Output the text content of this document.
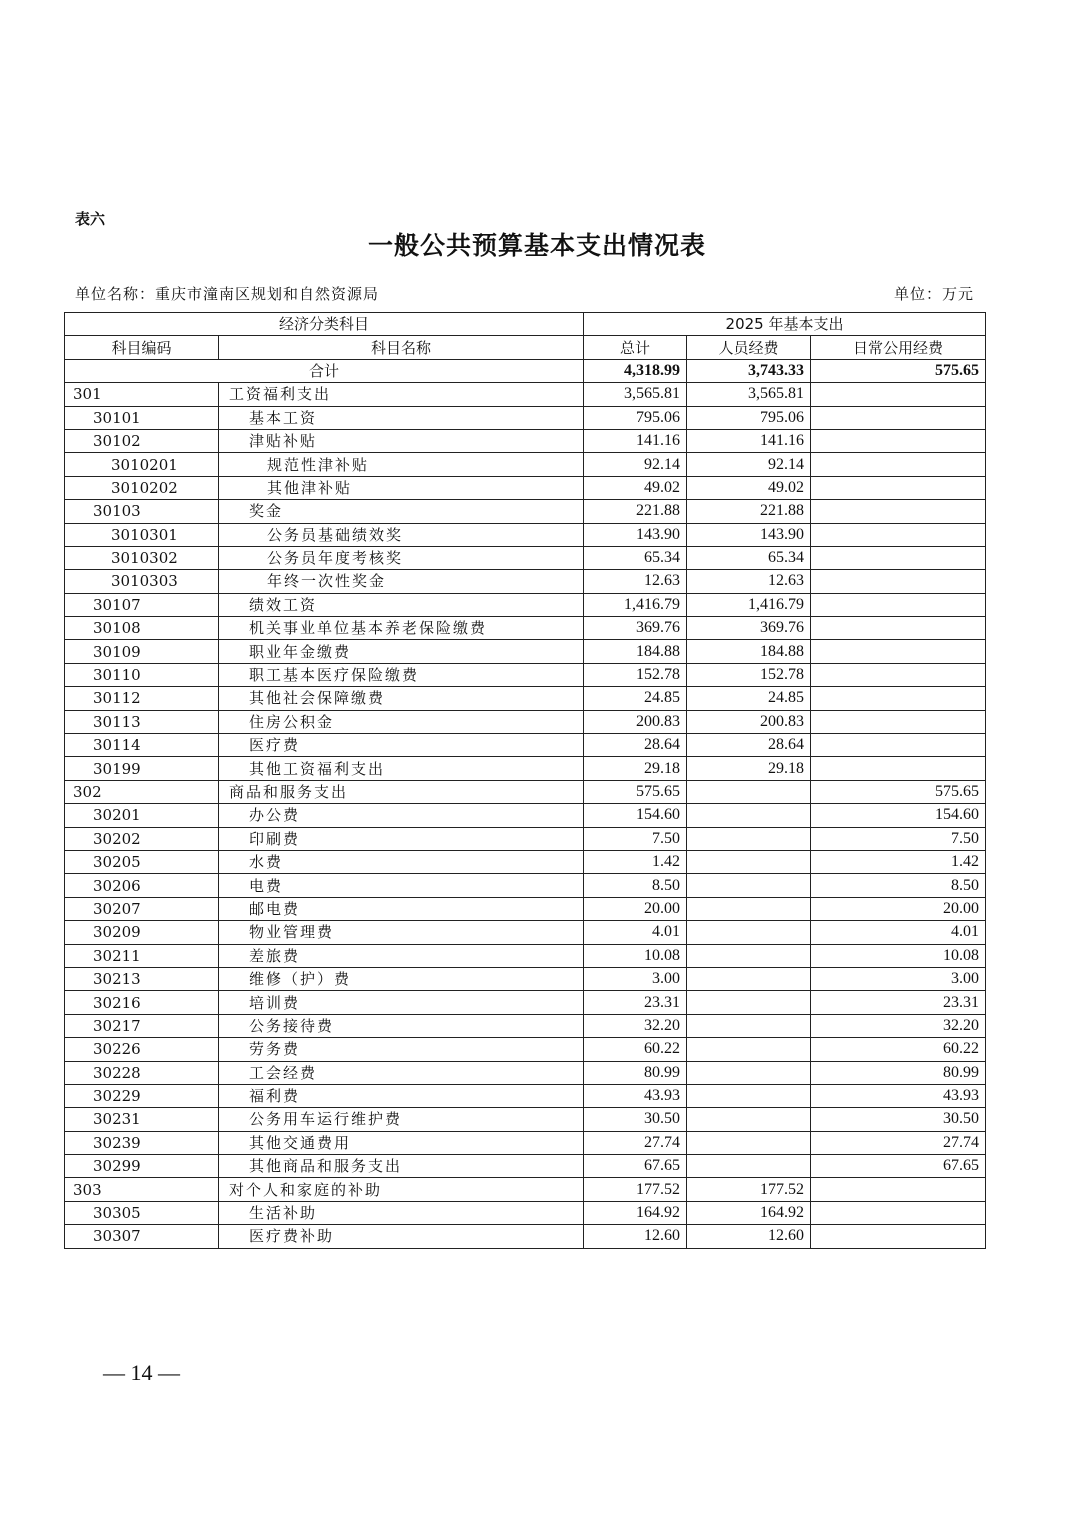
表六
一般公共预算基本支出情况表
单位名称：重庆市潼南区规划和自然资源局	单位：万元
经济分类科目		2025 年基本支出		
科目编码	科目名称	总计	人员经费	日常公用经费
合计		4,318.99	3,743.33	575.65
301	工资福利支出	3,565.81	3,565.81	
30101	基本工资	795.06	795.06	
30102	津贴补贴	141.16	141.16	
3010201	规范性津补贴	92.14	92.14	
3010202	其他津补贴	49.02	49.02	
30103	奖金	221.88	221.88	
3010301	公务员基础绩效奖	143.90	143.90	
3010302	公务员年度考核奖	65.34	65.34	
3010303	年终一次性奖金	12.63	12.63	
30107	绩效工资	1,416.79	1,416.79	
30108	机关事业单位基本养老保险缴费	369.76	369.76	
30109	职业年金缴费	184.88	184.88	
30110	职工基本医疗保险缴费	152.78	152.78	
30112	其他社会保障缴费	24.85	24.85	
30113	住房公积金	200.83	200.83	
30114	医疗费	28.64	28.64	
30199	其他工资福利支出	29.18	29.18	
302	商品和服务支出	575.65		575.65
30201	办公费	154.60		154.60
30202	印刷费	7.50		7.50
30205	水费	1.42		1.42
30206	电费	8.50		8.50
30207	邮电费	20.00		20.00
30209	物业管理费	4.01		4.01
30211	差旅费	10.08		10.08
30213	维修（护）费	3.00		3.00
30216	培训费	23.31		23.31
30217	公务接待费	32.20		32.20
30226	劳务费	60.22		60.22
30228	工会经费	80.99		80.99
30229	福利费	43.93		43.93
30231	公务用车运行维护费	30.50		30.50
30239	其他交通费用	27.74		27.74
30299	其他商品和服务支出	67.65		67.65
303	对个人和家庭的补助	177.52	177.52	
30305	生活补助	164.92	164.92	
30307	医疗费补助	12.60	12.60	
— 14 —
